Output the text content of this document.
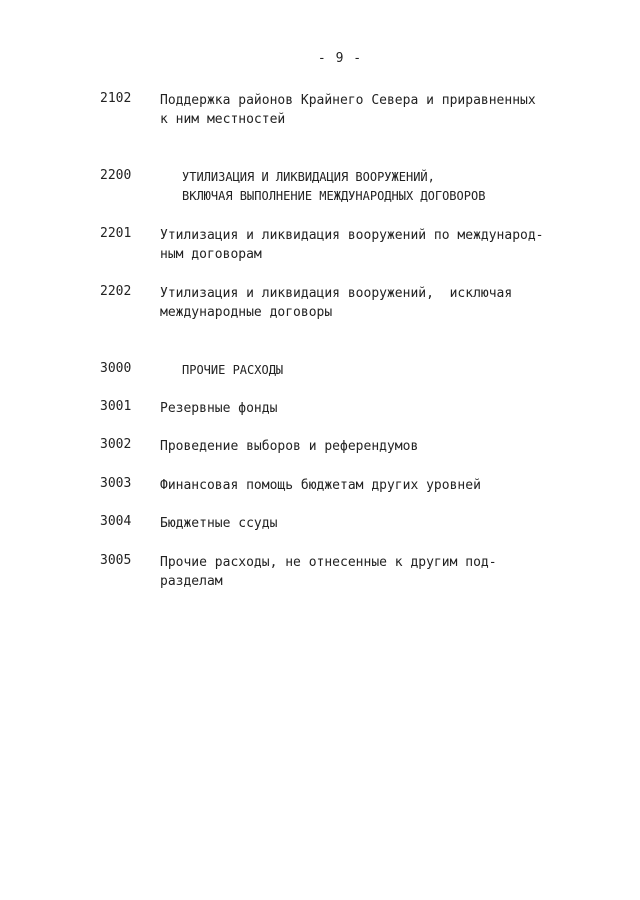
- 9 -
2102 Поддержка районов Крайнего Севера и приравненных
к ним местностей
2200	УТИЛИЗАЦИЯ И ЛИКВИДАЦИЯ ВООРУЖЕНИЙ,
ВКЛЮЧАЯ ВЫПОЛНЕНИЕ МЕЖДУНАРОДНЫХ ДОГОВОРОВ
2201 Утилизация и ликвидация вооружений по международ-
ным договорам
2202 Утилизация и ликвидация вооружений,  исключая
международные договоры
3000	ПРОЧИЕ РАСХОДЫ
3001 Резервные фонды
3002 Проведение выборов и референдумов
3003 Финансовая помощь бюджетам других уровней
3004 Бюджетные ссуды
3005 Прочие расходы, не отнесенные к другим под-
разделам
